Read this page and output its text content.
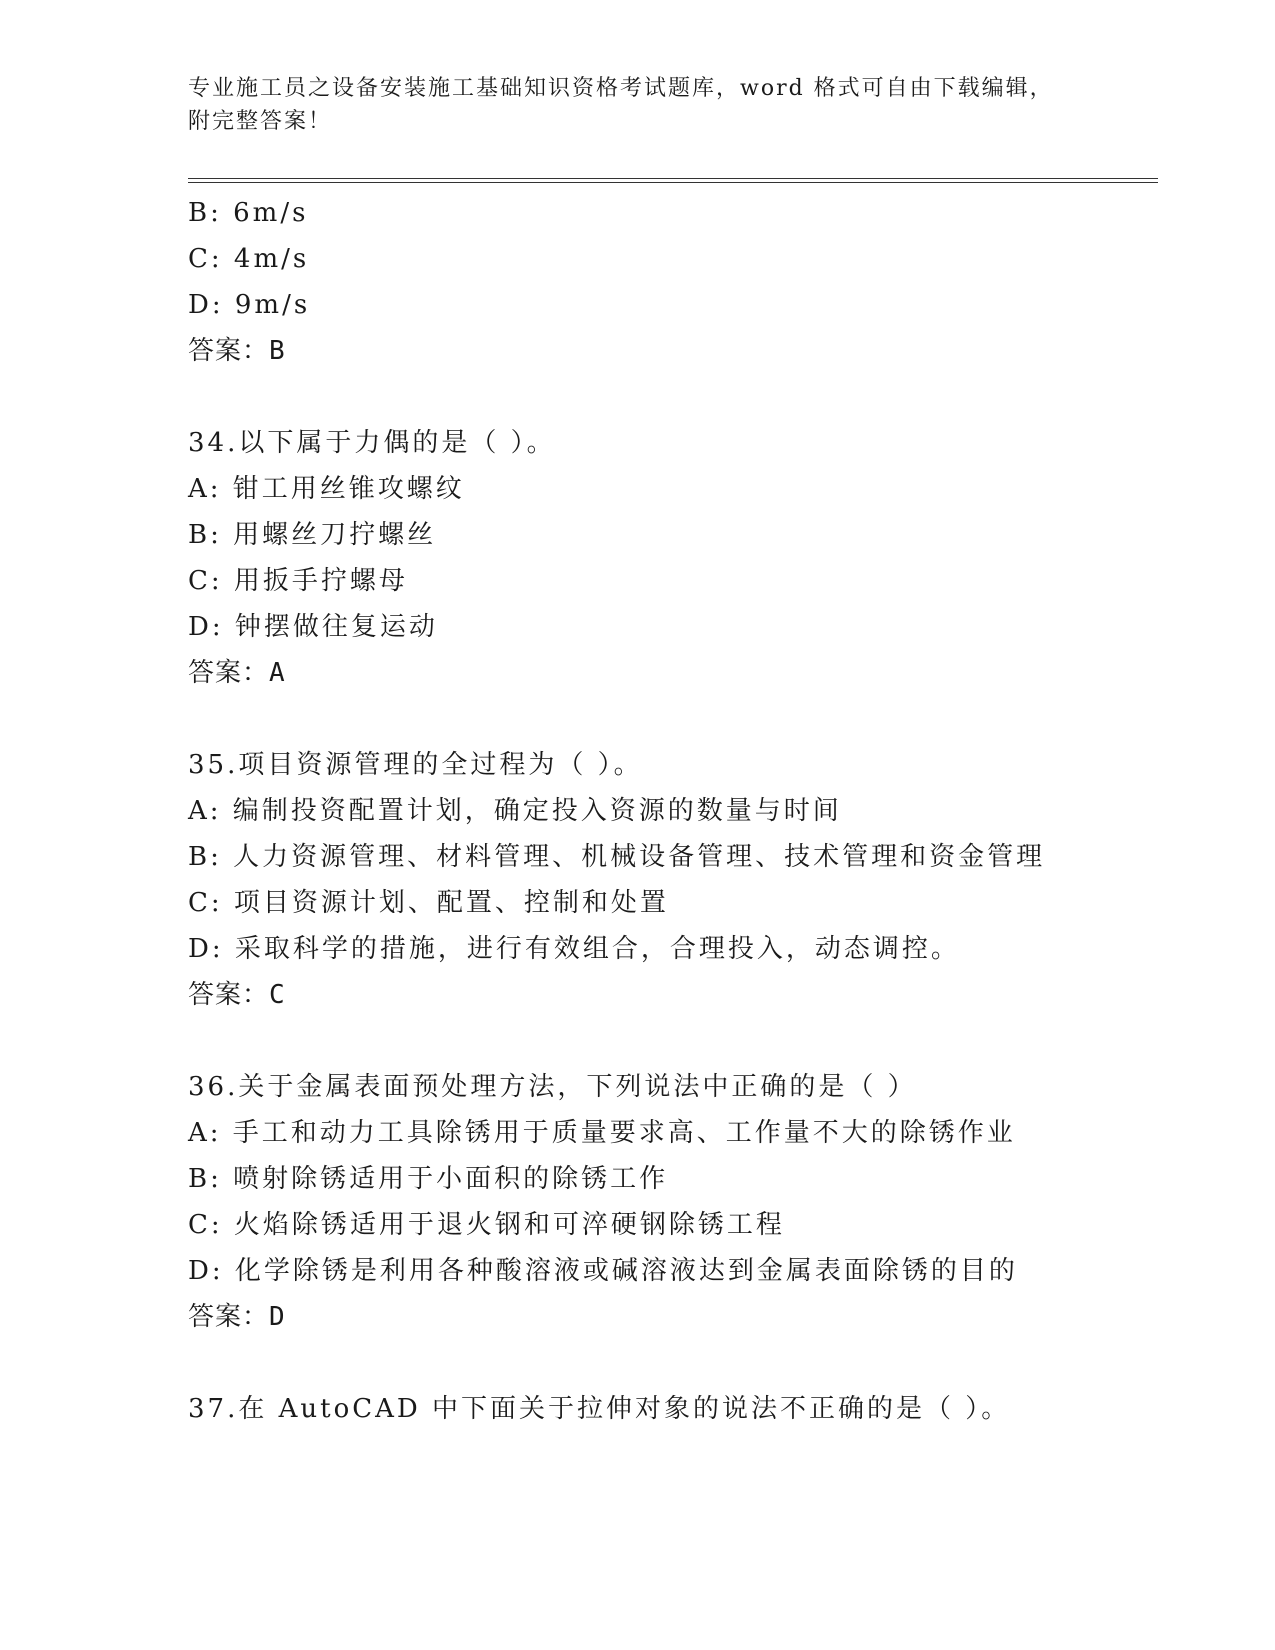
专业施工员之设备安装施工基础知识资格考试题库，word 格式可自由下载编辑，
附完整答案！
B: 6m/s
C: 4m/s
D: 9m/s
答案：B
34.以下属于力偶的是（ ）。
A: 钳工用丝锥攻螺纹
B: 用螺丝刀拧螺丝
C: 用扳手拧螺母
D: 钟摆做往复运动
答案：A
35.项目资源管理的全过程为（ ）。
A: 编制投资配置计划，确定投入资源的数量与时间
B: 人力资源管理、材料管理、机械设备管理、技术管理和资金管理
C: 项目资源计划、配置、控制和处置
D: 采取科学的措施，进行有效组合，合理投入，动态调控。
答案：C
36.关于金属表面预处理方法，下列说法中正确的是（ ）
A: 手工和动力工具除锈用于质量要求高、工作量不大的除锈作业
B: 喷射除锈适用于小面积的除锈工作
C: 火焰除锈适用于退火钢和可淬硬钢除锈工程
D: 化学除锈是利用各种酸溶液或碱溶液达到金属表面除锈的目的
答案：D
37.在 AutoCAD 中下面关于拉伸对象的说法不正确的是（ ）。
